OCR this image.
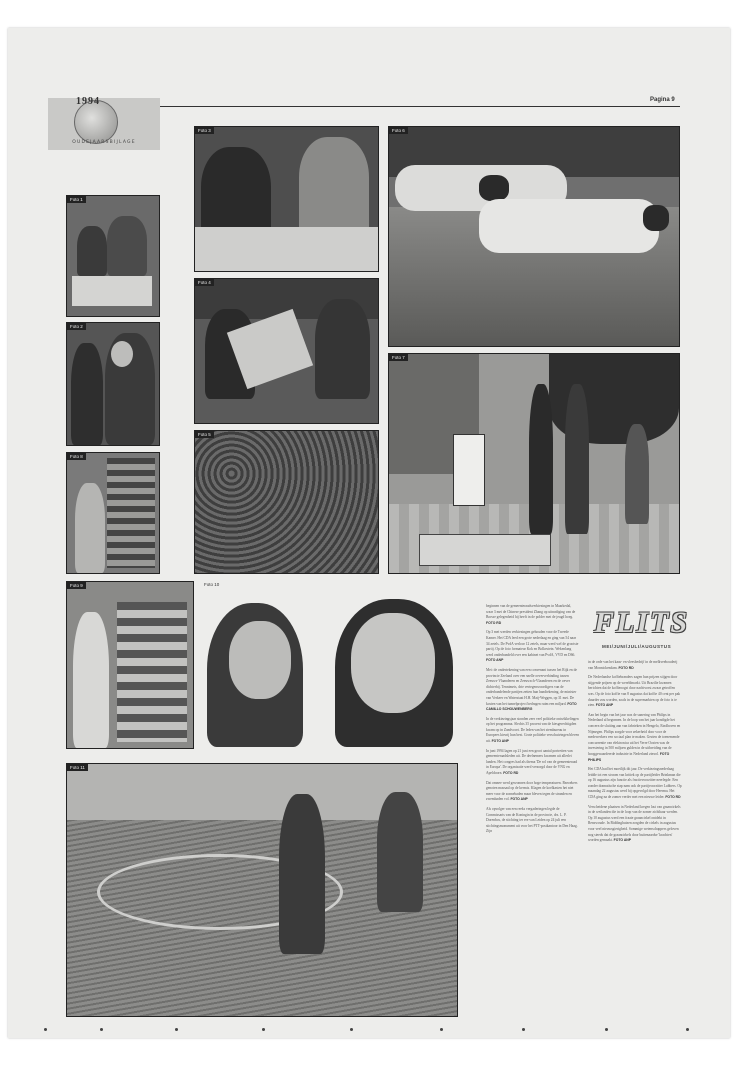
1994
OUDEJAARSBIJLAGE
Pagina 9
Foto 1
Foto 2
Foto 8
Foto 3
Foto 4
Foto 5
Foto 6
Foto 7
Foto 9	Foto 10
Foto 11

beginnen van de gemeenteraadsverkiezingen in Maarkedal, waar 3 mei de Chinese president Zhang op uitnodiging van de Borsse gelegenheid hij heeft in de polder met de jeugd hoeg. FOTO RD

Op 3 mei werden verkiezingen gehouden voor de Tweede Kamer. Het CDA leed een grote nederlaag en ging van 54 naar 34 zetels. De PvdA verloor 12 zetels, maar werd wel de grootste partij. Op de foto formateur Kok en Bolkestein. Wekenlang werd onderhandeld over een kabinet van PvdA, VVD en D66. FOTO ANP

Mei: de ondertekening van een convenant tussen het Rijk en de provincie Zeeland over een snelle oeververbinding tussen Zeeuws-Vlaanderen en Zeeuwsch-Vlaanderen en de oever dichterbij. Tennimets, drie vertegenwoordigers van de onderhandelende partijen zetten hun handtekening, de minister van Verkeer en Waterstaat H.H. Maij-Weggen, op 31 mei. De kosten van het tunnelproject bedragen ruim een miljard. FOTO CAMILLO SCHOUWENBERG

In de verkiezingsjaar stonden zeer veel politieke ontwikkelingen op het programma. Slechts 35 procent van de kiesgerechtigden kwam op in Zandvoort. De leden van het stembureau in Europees kiesrij hun best. Grote politieke verschuivingen bleven uit. FOTO ANP

In juni 1994 lagen op 21 juni een groot aantal portretten van gemeenteraadsleden uit. De deelnemers kwamen uit allerlei landen. Het congres had als thema 'De rol van de gemeenteraad in Europa'. De organisatie werd verzorgd door de VNG en Apeldoorn. FOTO RD

Dat omnee werd gewonnen door hoge temperaturen. Bezoekers genoten massaal op de kermis. Klagen de koelkasten het niet meer voor de zonnebaden maar bleven tegen de stranden en zwembaden vol. FOTO ANP

Als opvolger van een reeks vergaderingen legde de Commissaris van de Koningin in de provincie, drs. L. P. Dorenbos, de stichting ter ere van Leiden op 24 juli een stichtingsmonument uit voor het PTT-postkantoor in Den Haag. Zijn

FLITS
MEI/JUNI/JULI/AUGUSTUS

in de orde van het kaas- en vleesbedrijf in de melkveehouderij van Monnickendam. FOTO RD

De Nederlandse koffiebranders zagen hun prijzen stijgen door stijgende prijzen op de wereldmarkt. Uit Brazilie kwamen berichten dat de koffieoogst door nachtvorst zwaar getroffen was. Op de foto koffie van 8 augustus dat koffie 40 cent per pak duurder zou worden, zoals in de supermarkten op de foto is te zien. FOTO ANP

Aan het begin van het jaar was de sanering van Philips in Nederland al begonnen. In de loop van het jaar kondigde het concern de sluiting aan van fabrieken in Hengelo, Eindhoven en Nijmegen. Philips zorgde voor zekerheid door voor de medewerkers een sociaal plan te maken. Gezien de toenemende concurrentie van elektronica uit het Verre Oosten was de investering in 500 miljoen gulden in de uitbreiding van de hooggewaardeerde industrie in Nederland zinvol. FOTO PHILIPS

Het CDA had het moeilijk dit jaar. De verkiezingsnederlaag leidde tot een stroom van kritiek op de partijleider Brinkman die op 16 augustus zijn functie als fractievoorzitter neerlegde. Een zonder dramatische stap nam ook de partijvoorzitter Lubbers. Op maandag 22 augustus werd hij opgevolgd door Heerma. Het CDA ging na de zomer verder met een nieuwe leider. FOTO RD

Verscheidene plaatsen in Nederland kregen last van graancirkels in de weilanden die in de loop van de zomer zichtbaar werden. Op 10 augustus werd een fraaie graancirkel ontdekt in Renswoude. In Biddinghuizen zorgden de cirkels in augustus voor veel nieuwsgierigheid. Sommige wetenschappers geloven nog steeds dat de graancirkels door buitenaardse 'krachten' worden gemaakt. FOTO ANP
